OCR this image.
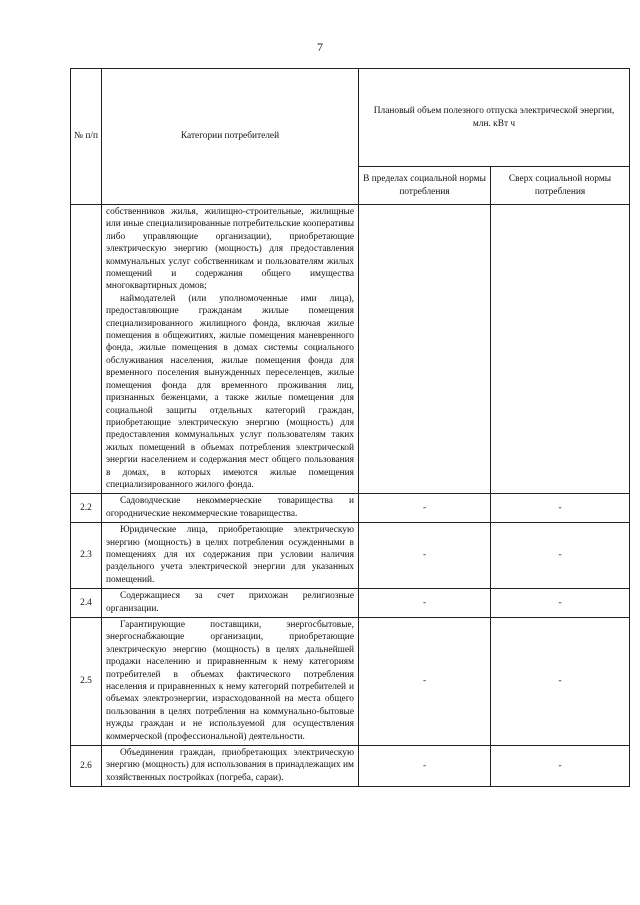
7
№ п/п	Категории потребителей	Плановый объем полезного отпуска электрической энергии, млн. кВт ч	
		В пределах социальной нормы потребления	Сверх социальной нормы потребления

	собственников жилья, жилищно-строительные, жилищные или иные специализированные потребительские кооперативы либо управляющие организации), приобретающие электрическую энергию (мощность) для предоставления коммунальных услуг собственникам и пользователям жилых помещений и содержания общего имущества многоквартирных домов;

наймодателей (или уполномоченные ими лица), предоставляющие гражданам жилые помещения специализированного жилищного фонда, включая жилые помещения в общежитиях, жилые помещения маневренного фонда, жилые помещения в домах системы социального обслуживания населения, жилые помещения фонда для временного поселения вынужденных переселенцев, жилые помещения фонда для временного проживания лиц, признанных беженцами, а также жилые помещения для социальной защиты отдельных категорий граждан, приобретающие электрическую энергию (мощность) для предоставления коммунальных услуг пользователям таких жилых помещений в объемах потребления электрической энергии населением и содержания мест общего пользования в домах, в которых имеются жилые помещения специализированного жилого фонда.		

2.2	Садоводческие некоммерческие товарищества и огороднические некоммерческие товарищества.	-	-
2.3	Юридические лица, приобретающие электрическую энергию (мощность) в целях потребления осужденными в помещениях для их содержания при условии наличия раздельного учета электрической энергии для указанных помещений.	-	-
2.4	Содержащиеся за счет прихожан религиозные организации.	-	-
2.5	Гарантирующие поставщики, энергосбытовые, энергоснабжающие организации, приобретающие электрическую энергию (мощность) в целях дальнейшей продажи населению и приравненным к нему категориям потребителей в объемах фактического потребления населения и приравненных к нему категорий потребителей и объемах электроэнергии, израсходованной на места общего пользования в целях потребления на коммунально-бытовые нужды граждан и не используемой для осуществления коммерческой (профессиональной) деятельности.	-	-
2.6	Объединения граждан, приобретающих электрическую энергию (мощность) для использования в принадлежащих им хозяйственных постройках (погреба, сараи).	-	-
